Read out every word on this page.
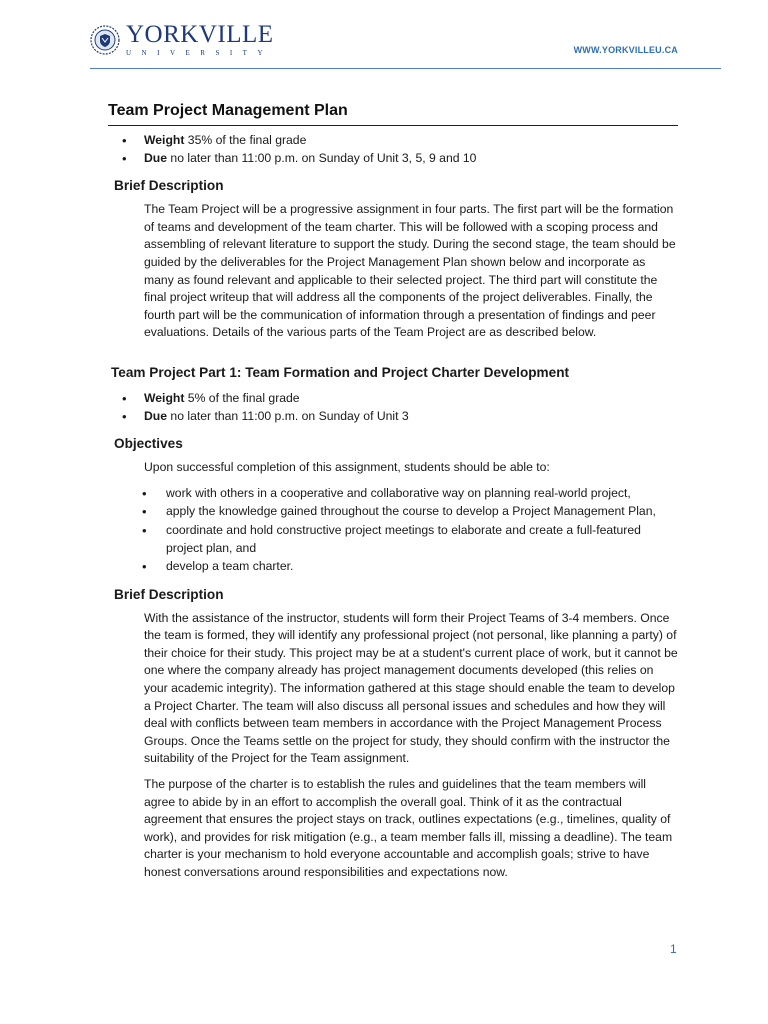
YORKVILLE
UNIVERSITY	WWW.YORKVILLEU.CA
Team Project Management Plan
• Weight 35% of the final grade
• Due no later than 11:00 p.m. on Sunday of Unit 3, 5, 9 and 10
Brief Description

The Team Project will be a progressive assignment in four parts. The first part will be the formation of teams and development of the team charter. This will be followed with a scoping process and assembling of relevant literature to support the study. During the second stage, the team should be guided by the deliverables for the Project Management Plan shown below and incorporate as many as found relevant and applicable to their selected project. The third part will constitute the final project writeup that will address all the components of the project deliverables. Finally, the fourth part will be the communication of information through a presentation of findings and peer evaluations. Details of the various parts of the Team Project are as described below.

Team Project Part 1: Team Formation and Project Charter Development
• Weight 5% of the final grade
• Due no later than 11:00 p.m. on Sunday of Unit 3
Objectives

Upon successful completion of this assignment, students should be able to:

• work with others in a cooperative and collaborative way on planning real-world project,
• apply the knowledge gained throughout the course to develop a Project Management Plan,
• coordinate and hold constructive project meetings to elaborate and create a full-featured project plan, and
• develop a team charter.
Brief Description

With the assistance of the instructor, students will form their Project Teams of 3-4 members. Once the team is formed, they will identify any professional project (not personal, like planning a party) of their choice for their study. This project may be at a student's current place of work, but it cannot be one where the company already has project management documents developed (this relies on your academic integrity). The information gathered at this stage should enable the team to develop a Project Charter. The team will also discuss all personal issues and schedules and how they will deal with conflicts between team members in accordance with the Project Management Process Groups. Once the Teams settle on the project for study, they should confirm with the instructor the suitability of the Project for the Team assignment.

The purpose of the charter is to establish the rules and guidelines that the team members will agree to abide by in an effort to accomplish the overall goal. Think of it as the contractual agreement that ensures the project stays on track, outlines expectations (e.g., timelines, quality of work), and provides for risk mitigation (e.g., a team member falls ill, missing a deadline). The team charter is your mechanism to hold everyone accountable and accomplish goals; strive to have honest conversations around responsibilities and expectations now.

1
